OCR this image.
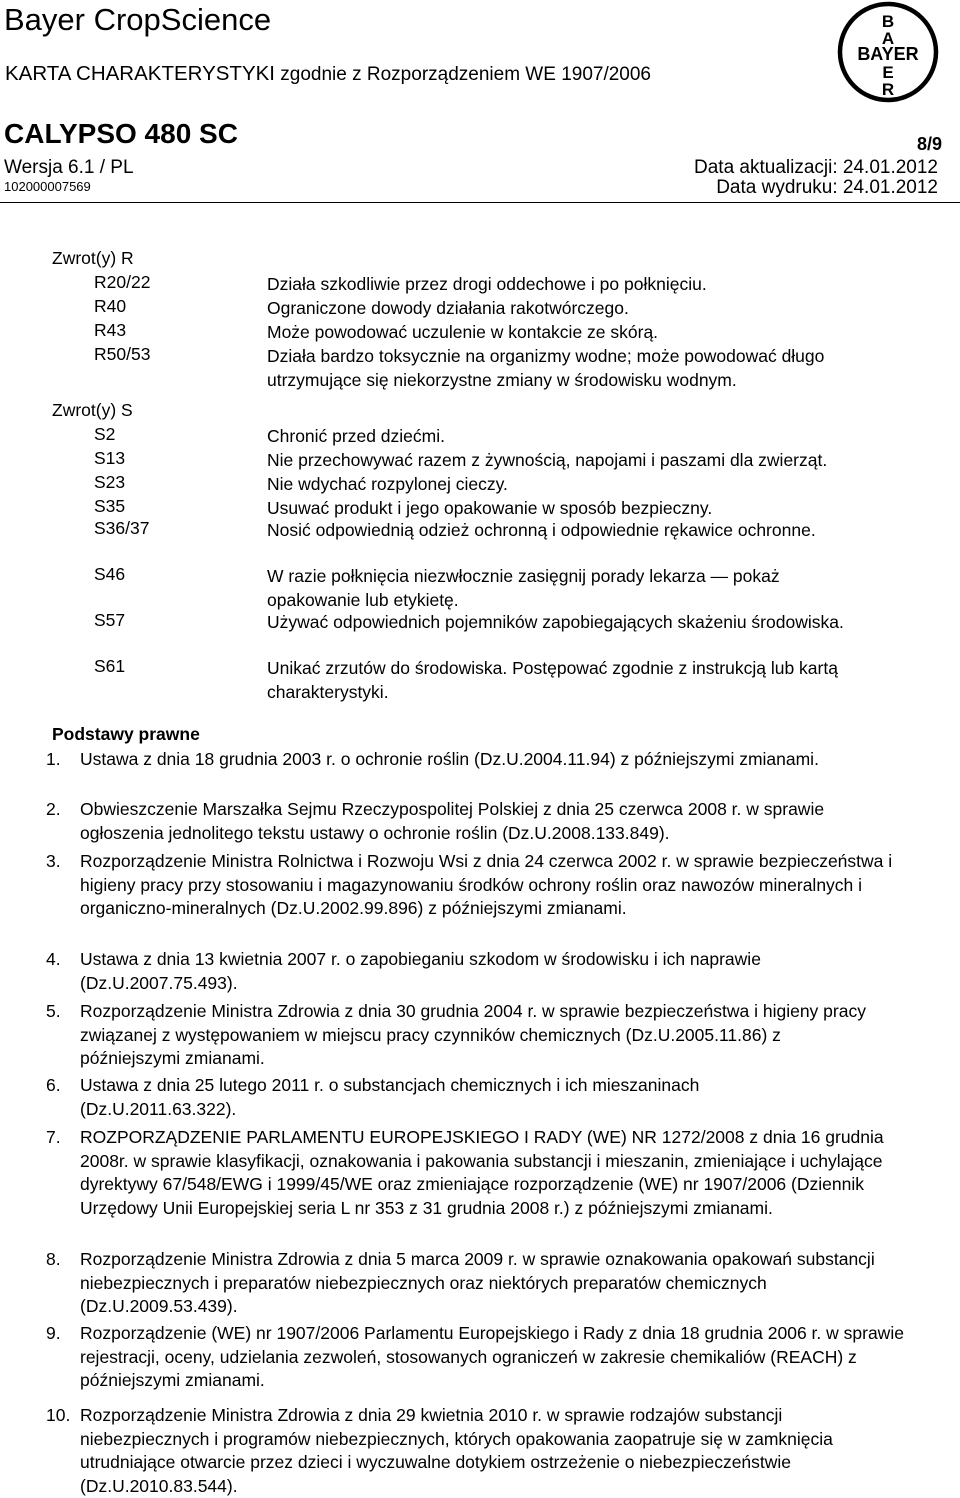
Bayer CropScience
KARTA CHARAKTERYSTYKI zgodnie z Rozporządzeniem WE 1907/2006
CALYPSO 480 SC	8/9
Wersja 6.1 / PL	Data aktualizacji: 24.01.2012
102000007569	Data wydruku: 24.01.2012
B
A
BAYER
E
R
Zwrot(y) R
R20/22	Działa szkodliwie przez drogi oddechowe i po połknięciu.
R40	Ograniczone dowody działania rakotwórczego.
R43	Może powodować uczulenie w kontakcie ze skórą.
R50/53	Działa bardzo toksycznie na organizmy wodne; może powodować długo utrzymujące się niekorzystne zmiany w środowisku wodnym.
Zwrot(y) S
S2	Chronić przed dziećmi.
S13	Nie przechowywać razem z żywnością, napojami i paszami dla zwierząt.
S23	Nie wdychać rozpylonej cieczy.
S35	Usuwać produkt i jego opakowanie w sposób bezpieczny.
S36/37	Nosić odpowiednią odzież ochronną i odpowiednie rękawice ochronne.
S46	W razie połknięcia niezwłocznie zasięgnij porady lekarza — pokaż opakowanie lub etykietę.
S57	Używać odpowiednich pojemników zapobiegających skażeniu środowiska.
S61	Unikać zrzutów do środowiska. Postępować zgodnie z instrukcją lub kartą charakterystyki.
Podstawy prawne
1. Ustawa z dnia 18 grudnia 2003 r. o ochronie roślin (Dz.U.2004.11.94) z późniejszymi zmianami.
2. Obwieszczenie Marszałka Sejmu Rzeczypospolitej Polskiej z dnia 25 czerwca 2008 r. w sprawie ogłoszenia jednolitego tekstu ustawy o ochronie roślin (Dz.U.2008.133.849).
3. Rozporządzenie Ministra Rolnictwa i Rozwoju Wsi z dnia 24 czerwca 2002 r. w sprawie bezpieczeństwa i higieny pracy przy stosowaniu i magazynowaniu środków ochrony roślin oraz nawozów mineralnych i organiczno-mineralnych (Dz.U.2002.99.896) z późniejszymi zmianami.
4. Ustawa z dnia 13 kwietnia 2007 r. o zapobieganiu szkodom w środowisku i ich naprawie (Dz.U.2007.75.493).
5. Rozporządzenie Ministra Zdrowia z dnia 30 grudnia 2004 r. w sprawie bezpieczeństwa i higieny pracy związanej z występowaniem w miejscu pracy czynników chemicznych (Dz.U.2005.11.86) z późniejszymi zmianami.
6. Ustawa z dnia 25 lutego 2011 r. o substancjach chemicznych i ich mieszaninach (Dz.U.2011.63.322).
7. ROZPORZĄDZENIE PARLAMENTU EUROPEJSKIEGO I RADY (WE) NR 1272/2008 z dnia 16 grudnia 2008r. w sprawie klasyfikacji, oznakowania i pakowania substancji i mieszanin, zmieniające i uchylające dyrektywy 67/548/EWG i 1999/45/WE oraz zmieniające rozporządzenie (WE) nr 1907/2006 (Dziennik Urzędowy Unii Europejskiej seria L nr 353 z 31 grudnia 2008 r.) z późniejszymi zmianami.
8. Rozporządzenie Ministra Zdrowia z dnia 5 marca 2009 r. w sprawie oznakowania opakowań substancji niebezpiecznych i preparatów niebezpiecznych oraz niektórych preparatów chemicznych (Dz.U.2009.53.439).
9. Rozporządzenie (WE) nr 1907/2006 Parlamentu Europejskiego i Rady z dnia 18 grudnia 2006 r. w sprawie rejestracji, oceny, udzielania zezwoleń, stosowanych ograniczeń w zakresie chemikaliów (REACH) z późniejszymi zmianami.
10. Rozporządzenie Ministra Zdrowia z dnia 29 kwietnia 2010 r. w sprawie rodzajów substancji niebezpiecznych i programów niebezpiecznych, których opakowania zaopatruje się w zamknięcia utrudniające otwarcie przez dzieci i wyczuwalne dotykiem ostrzeżenie o niebezpieczeństwie (Dz.U.2010.83.544).
